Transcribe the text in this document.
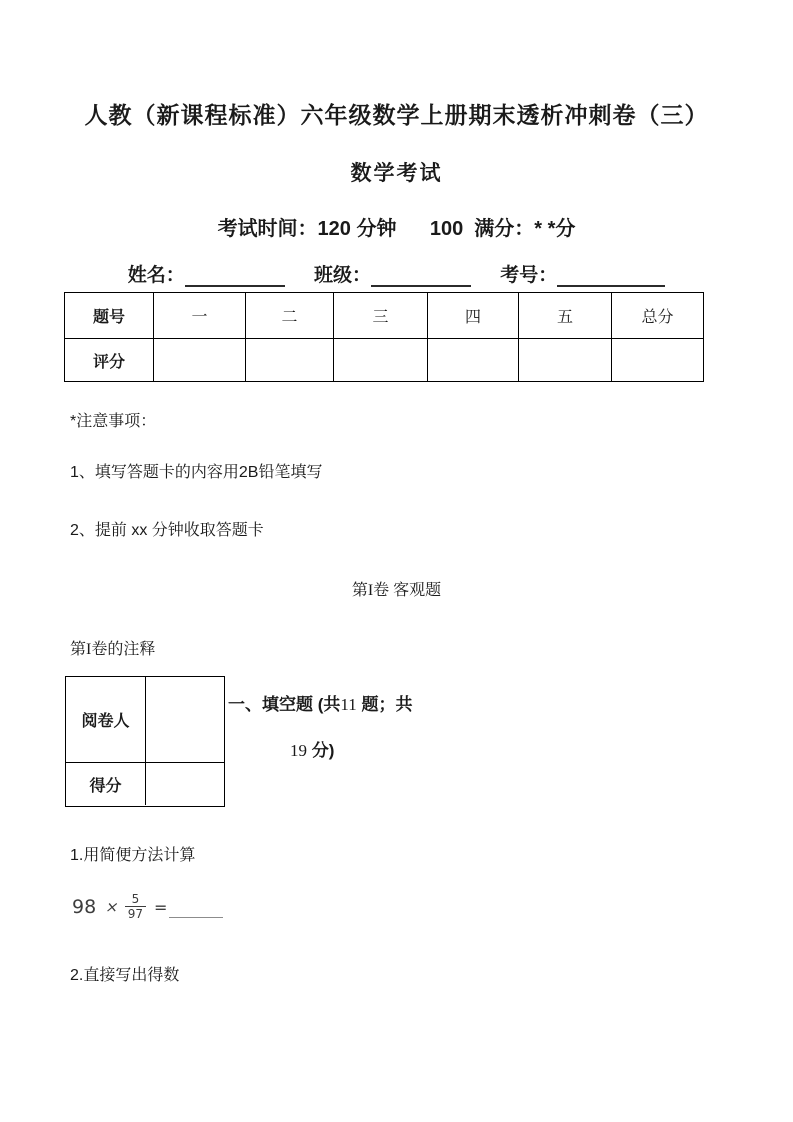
人教（新课程标准）六年级数学上册期末透析冲刺卷（三）
数学考试
考试时间：120 分钟      100  满分：* *分
姓名：	班级：	考号：
题号	一	二	三	四	五	总分
评分						
*注意事项：
1、填写答题卡的内容用2B铅笔填写
2、提前 xx 分钟收取答题卡
第I卷 客观题
第I卷的注释
阅卷人
得分
一、填空题 (共11 题；共
19 分)
1.用简便方法计算
$98 \times \frac{5}{97}$ =
2.直接写出得数
